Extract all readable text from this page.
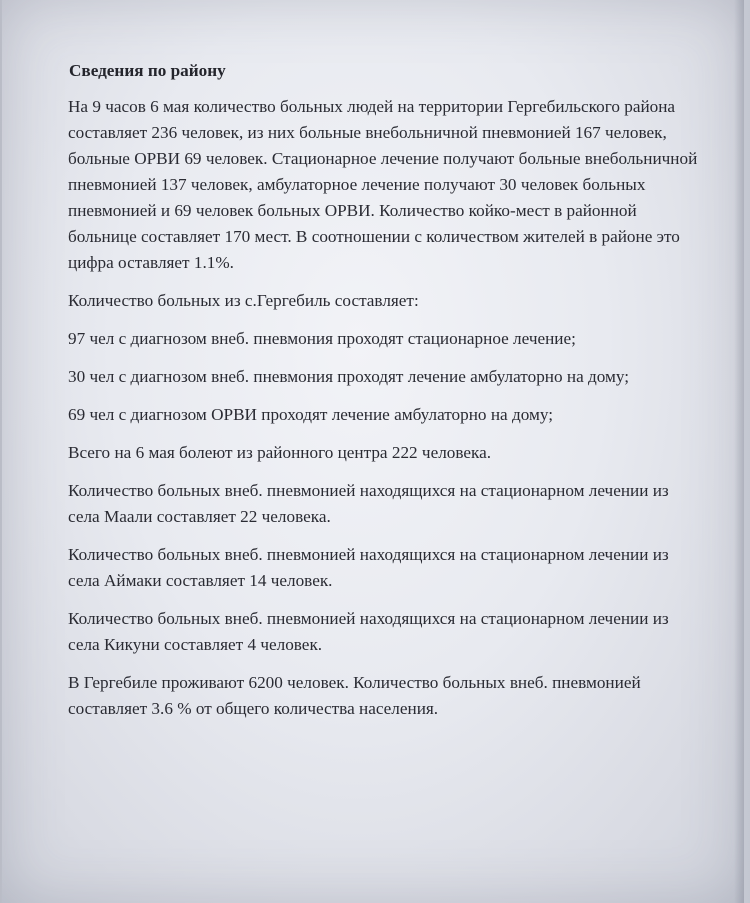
Сведения по району

На 9 часов 6 мая количество больных людей на территории Гергебильского района составляет 236 человек, из них больные внебольничной пневмонией 167 человек, больные ОРВИ 69 человек. Стационарное лечение получают больные внебольничной пневмонией 137 человек, амбулаторное лечение получают 30 человек больных пневмонией и 69 человек больных ОРВИ. Количество койко-мест в районной больнице составляет 170 мест. В соотношении с количеством жителей в районе это цифра оставляет 1.1%.

Количество больных из с.Гергебиль составляет:

97 чел с диагнозом внеб. пневмония проходят стационарное лечение;

30 чел с диагнозом внеб. пневмония проходят лечение амбулаторно на дому;

69 чел с диагнозом ОРВИ проходят лечение амбулаторно на дому;

Всего на 6 мая болеют из районного центра 222 человека.

Количество больных внеб. пневмонией находящихся на стационарном лечении из села Маали составляет 22 человека.

Количество больных внеб. пневмонией находящихся на стационарном лечении из села Аймаки составляет 14 человек.

Количество больных внеб. пневмонией находящихся на стационарном лечении из села Кикуни составляет 4 человек.

В Гергебиле проживают 6200 человек. Количество больных внеб. пневмонией составляет 3.6 % от общего количества населения.
